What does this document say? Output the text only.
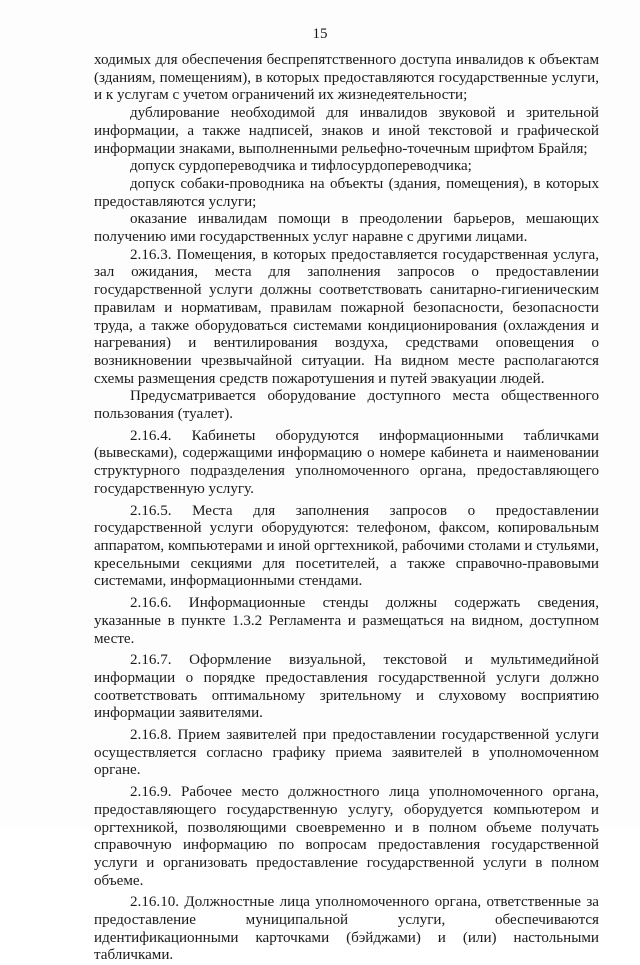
15

ходимых для обеспечения беспрепятственного доступа инвалидов к объектам (зданиям, помещениям), в которых предоставляются государственные услуги, и к услугам с учетом ограничений их жизнедеятельности;

дублирование необходимой для инвалидов звуковой и зрительной информации, а также надписей, знаков и иной текстовой и графической информации знаками, выполненными рельефно-точечным шрифтом Брайля;

допуск сурдопереводчика и тифлосурдопереводчика;

допуск собаки-проводника на объекты (здания, помещения), в которых предоставляются услуги;

оказание инвалидам помощи в преодолении барьеров, мешающих получению ими государственных услуг наравне с другими лицами.

2.16.3. Помещения, в которых предоставляется государственная услуга, зал ожидания, места для заполнения запросов о предоставлении государственной услуги должны соответствовать санитарно-гигиеническим правилам и нормативам, правилам пожарной безопасности, безопасности труда, а также оборудоваться системами кондиционирования (охлаждения и нагревания) и вентилирования воздуха, средствами оповещения о возникновении чрезвычайной ситуации. На видном месте располагаются схемы размещения средств пожаротушения и путей эвакуации людей.

Предусматривается оборудование доступного места общественного пользования (туалет).

2.16.4. Кабинеты оборудуются информационными табличками (вывесками), содержащими информацию о номере кабинета и наименовании структурного подразделения уполномоченного органа, предоставляющего государственную услугу.

2.16.5. Места для заполнения запросов о предоставлении государственной услуги оборудуются: телефоном, факсом, копировальным аппаратом, компьютерами и иной оргтехникой, рабочими столами и стульями, кресельными секциями для посетителей, а также справочно-правовыми системами, информационными стендами.

2.16.6. Информационные стенды должны содержать сведения, указанные в пункте 1.3.2 Регламента и размещаться на видном, доступном месте.

2.16.7. Оформление визуальной, текстовой и мультимедийной информации о порядке предоставления государственной услуги должно соответствовать оптимальному зрительному и слуховому восприятию информации заявителями.

2.16.8. Прием заявителей при предоставлении государственной услуги осуществляется согласно графику приема заявителей в уполномоченном органе.

2.16.9. Рабочее место должностного лица уполномоченного органа, предоставляющего государственную услугу, оборудуется компьютером и оргтехникой, позволяющими своевременно и в полном объеме получать справочную информацию по вопросам предоставления государственной услуги и организовать предоставление государственной услуги в полном объеме.

2.16.10. Должностные лица уполномоченного органа, ответственные за предоставление муниципальной услуги, обеспечиваются идентификационными карточками (бэйджами) и (или) настольными табличками.
